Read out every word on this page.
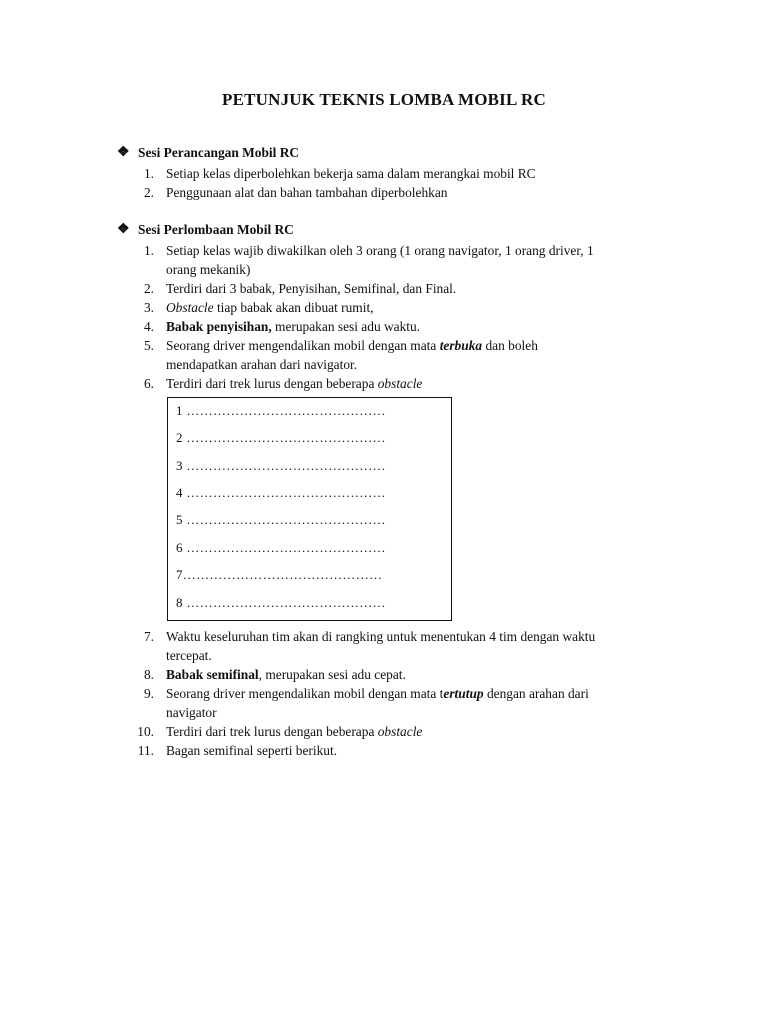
PETUNJUK TEKNIS LOMBA MOBIL RC
❖ Sesi Perancangan Mobil RC
1. Setiap kelas diperbolehkan bekerja sama dalam merangkai mobil RC
2. Penggunaan alat dan bahan tambahan diperbolehkan
❖ Sesi Perlombaan Mobil RC
1. Setiap kelas wajib diwakilkan oleh 3 orang (1 orang navigator, 1 orang driver, 1
orang mekanik)
2. Terdiri dari 3 babak, Penyisihan, Semifinal, dan Final.
3. Obstacle tiap babak akan dibuat rumit,
4. Babak penyisihan, merupakan sesi adu waktu.
5. Seorang driver mengendalikan mobil dengan mata terbuka dan boleh
mendapatkan arahan dari navigator.
6. Terdiri dari trek lurus dengan beberapa obstacle
1 ………………………………………
2 ………………………………………
3 ………………………………………
4 ………………………………………
5 ………………………………………
6 ………………………………………
7………………………………………
8 ………………………………………
7. Waktu keseluruhan tim akan di rangking untuk menentukan 4 tim dengan waktu
tercepat.
8. Babak semifinal, merupakan sesi adu cepat.
9. Seorang driver mengendalikan mobil dengan mata tertutup dengan arahan dari
navigator
10. Terdiri dari trek lurus dengan beberapa obstacle
11. Bagan semifinal seperti berikut.
